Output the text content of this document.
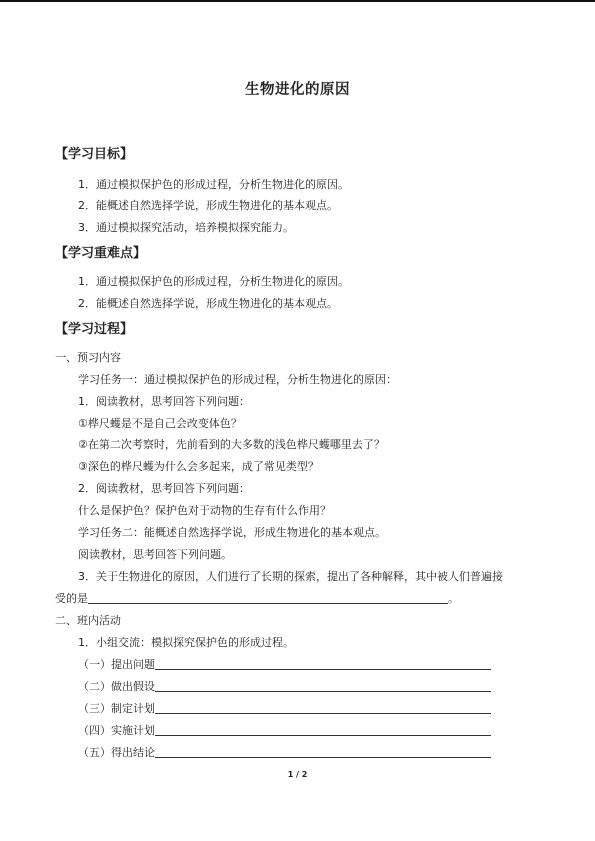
生物进化的原因
【学习目标】
1．通过模拟保护色的形成过程，分析生物进化的原因。
2．能概述自然选择学说，形成生物进化的基本观点。
3．通过模拟探究活动，培养模拟探究能力。
【学习重难点】
1．通过模拟保护色的形成过程，分析生物进化的原因。
2．能概述自然选择学说，形成生物进化的基本观点。
【学习过程】
一、预习内容
学习任务一：通过模拟保护色的形成过程，分析生物进化的原因：
1．阅读教材，思考回答下列问题：
①桦尺蠖是不是自己会改变体色？
②在第二次考察时，先前看到的大多数的浅色桦尺蠖哪里去了？
③深色的桦尺蠖为什么会多起来，成了常见类型？
2．阅读教材，思考回答下列问题：
什么是保护色？保护色对于动物的生存有什么作用？
学习任务二：能概述自然选择学说，形成生物进化的基本观点。
阅读教材，思考回答下列问题。
3．关于生物进化的原因，人们进行了长期的探索，提出了各种解释，其中被人们普遍接
受的是	。
二、班内活动
1．小组交流：模拟探究保护色的形成过程。
（一）提出问题
（二）做出假设
（三）制定计划
（四）实施计划
（五）得出结论
1 / 2
